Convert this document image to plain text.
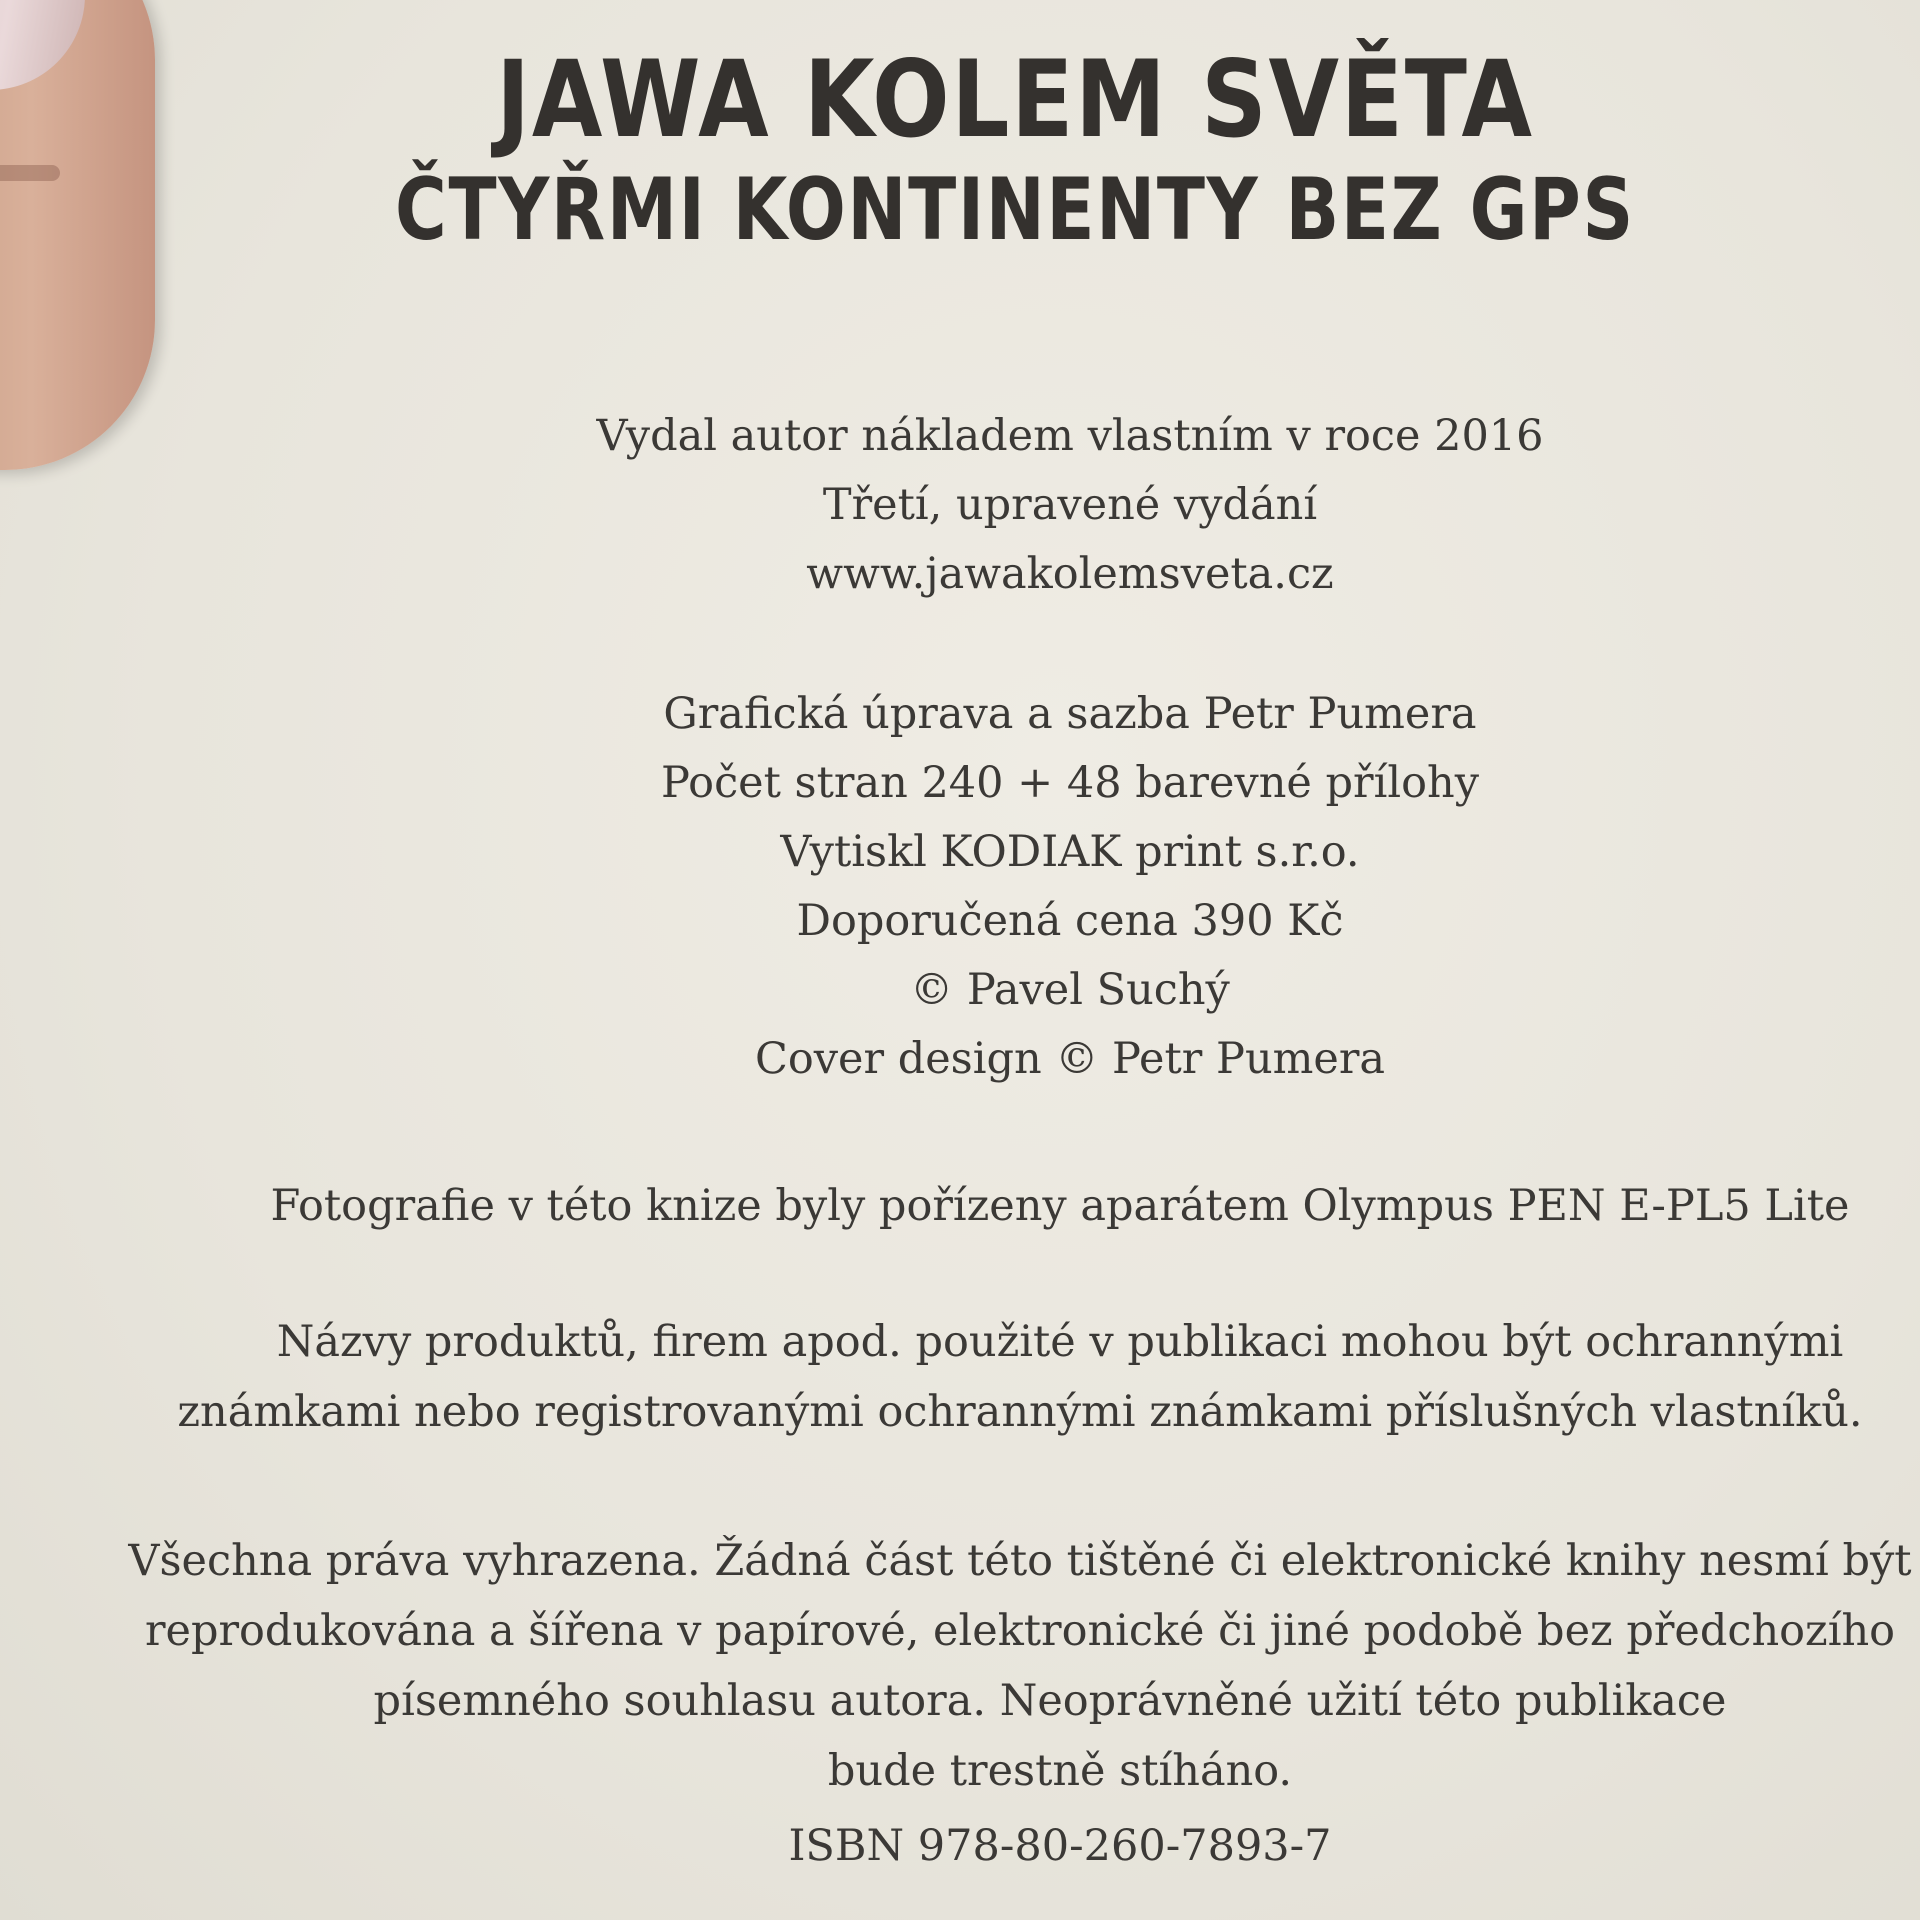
JAWA KOLEM SVĚTA
ČTYŘMI KONTINENTY BEZ GPS
Vydal autor nákladem vlastním v roce 2016
Třetí, upravené vydání
www.jawakolemsveta.cz
Grafická úprava a sazba Petr Pumera
Počet stran 240 + 48 barevné přílohy
Vytiskl KODIAK print s.r.o.
Doporučená cena 390 Kč
© Pavel Suchý
Cover design © Petr Pumera
Fotografie v této knize byly pořízeny aparátem Olympus PEN E-PL5 Lite
Názvy produktů, firem apod. použité v publikaci mohou být ochrannými
známkami nebo registrovanými ochrannými známkami příslušných vlastníků.
Všechna práva vyhrazena. Žádná část této tištěné či elektronické knihy nesmí být
reprodukována a šířena v papírové, elektronické či jiné podobě bez předchozího
písemného souhlasu autora. Neoprávněné užití této publikace
bude trestně stíháno.
ISBN 978-80-260-7893-7
